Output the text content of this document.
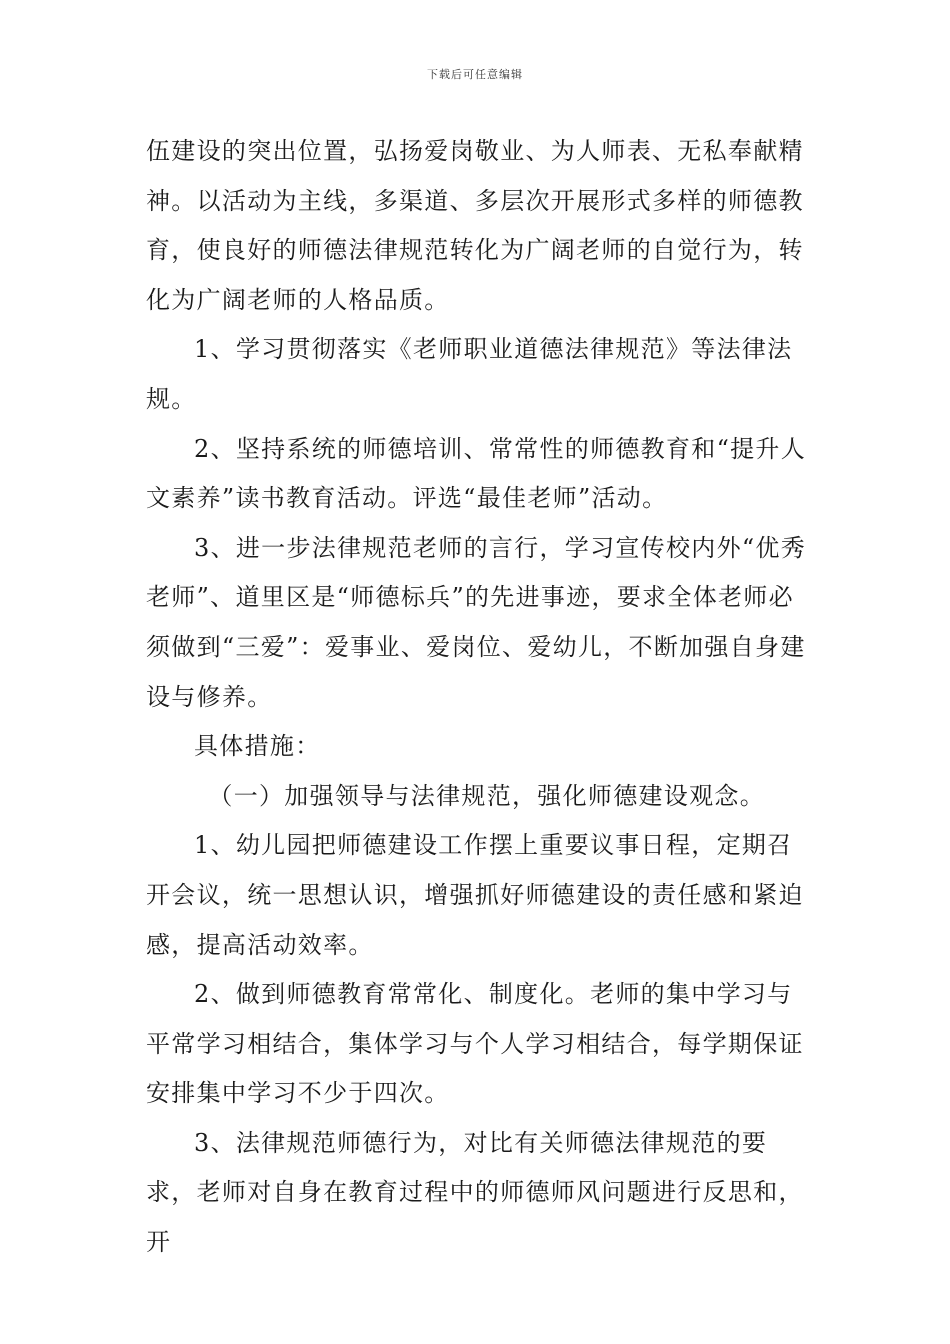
下载后可任意编辑

伍建设的突出位置，弘扬爱岗敬业、为人师表、无私奉献精神。以活动为主线，多渠道、多层次开展形式多样的师德教育，使良好的师德法律规范转化为广阔老师的自觉行为，转化为广阔老师的人格品质。

1、学习贯彻落实《老师职业道德法律规范》等法律法规。

2、坚持系统的师德培训、常常性的师德教育和“提升人文素养”读书教育活动。评选“最佳老师”活动。

3、进一步法律规范老师的言行，学习宣传校内外“优秀老师”、道里区是“师德标兵”的先进事迹，要求全体老师必须做到“三爱”：爱事业、爱岗位、爱幼儿，不断加强自身建设与修养。

具体措施：

（一）加强领导与法律规范，强化师德建设观念。

1、幼儿园把师德建设工作摆上重要议事日程，定期召开会议，统一思想认识，增强抓好师德建设的责任感和紧迫感，提高活动效率。

2、做到师德教育常常化、制度化。老师的集中学习与平常学习相结合，集体学习与个人学习相结合，每学期保证安排集中学习不少于四次。

3、法律规范师德行为，对比有关师德法律规范的要求，老师对自身在教育过程中的师德师风问题进行反思和，开
